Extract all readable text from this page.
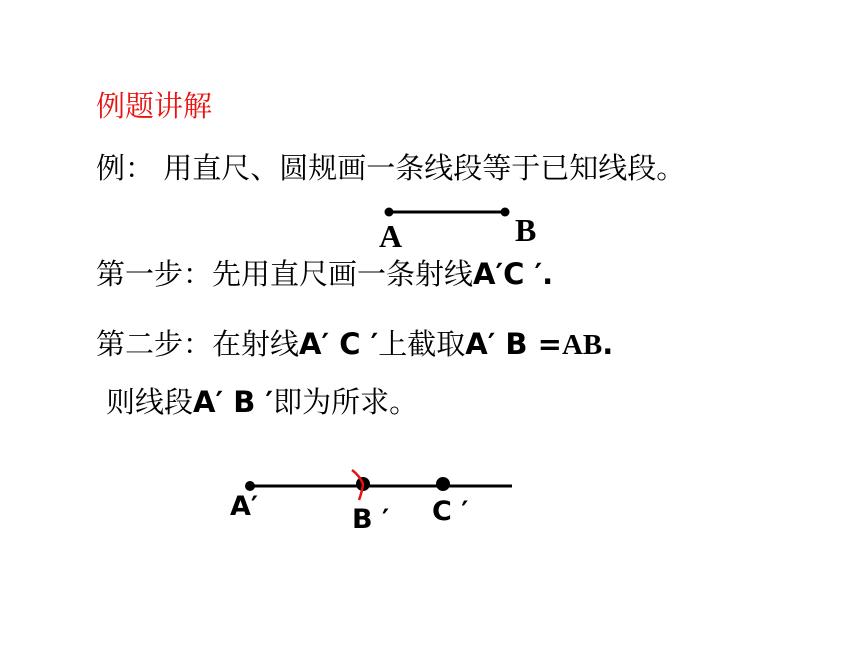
例题讲解
例： 用直尺、圆规画一条线段等于已知线段。
A	B
第一步：先用直尺画一条射线A′C ′.
第二步：在射线A′ C ′上截取A′ B =AB.
则线段A′ B ′即为所求。
A′	B ′ C ′
